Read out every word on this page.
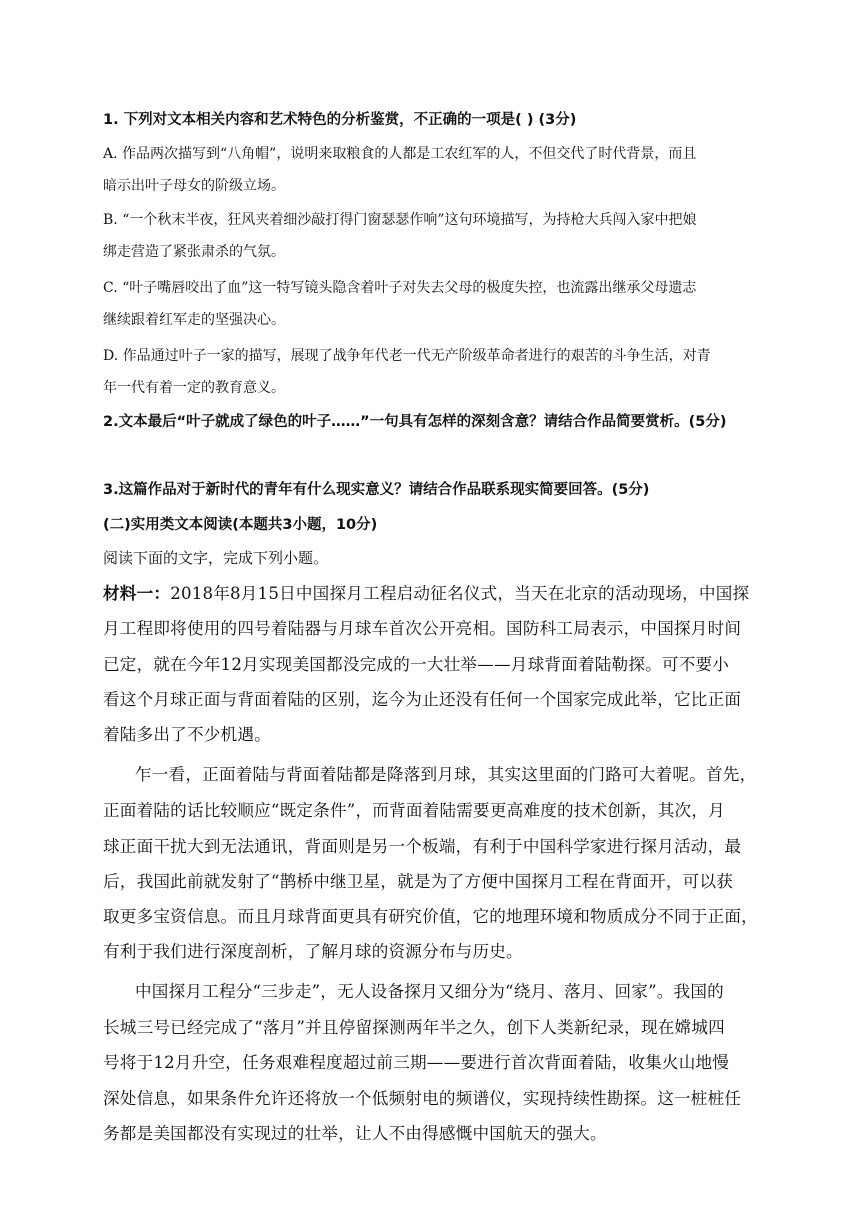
1. 下列对文本相关内容和艺术特色的分析鉴赏，不正确的一项是( ) (3分)
A. 作品两次描写到“八角帽”，说明来取粮食的人都是工农红军的人，不但交代了时代背景，而且
暗示出叶子母女的阶级立场。
B. “一个秋末半夜，狂风夹着细沙敲打得门窗瑟瑟作响”这句环境描写，为持枪大兵闯入家中把娘
绑走营造了紧张肃杀的气氛。
C. “叶子嘴唇咬出了血”这一特写镜头隐含着叶子对失去父母的极度失控，也流露出继承父母遗志
继续跟着红军走的坚强决心。
D. 作品通过叶子一家的描写，展现了战争年代老一代无产阶级革命者进行的艰苦的斗争生活，对青
年一代有着一定的教育意义。
2.文本最后“叶子就成了绿色的叶子……”一句具有怎样的深刻含意？请结合作品简要赏析。(5分)
3.这篇作品对于新时代的青年有什么现实意义？请结合作品联系现实简要回答。(5分)
(二)实用类文本阅读(本题共3小题，10分)
阅读下面的文字，完成下列小题。
材料一：2018年8月15日中国探月工程启动征名仪式，当天在北京的活动现场，中国探
月工程即将使用的四号着陆器与月球车首次公开亮相。国防科工局表示，中国探月时间
已定，就在今年12月实现美国都没完成的一大壮举——月球背面着陆勒探。可不要小
看这个月球正面与背面着陆的区别，迄今为止还没有任何一个国家完成此举，它比正面
着陆多出了不少机遇。
乍一看，正面着陆与背面着陆都是降落到月球，其实这里面的门路可大着呢。首先，
正面着陆的话比较顺应“既定条件”，而背面着陆需要更高难度的技术创新，其次，月
球正面干扰大到无法通讯，背面则是另一个板端，有利于中国科学家进行探月活动，最
后，我国此前就发射了“鹊桥中继卫星，就是为了方便中国探月工程在背面开，可以获
取更多宝资信息。而且月球背面更具有研究价值，它的地理环境和物质成分不同于正面，
有利于我们进行深度剖析，了解月球的资源分布与历史。
中国探月工程分“三步走”，无人设备探月又细分为“绕月、落月、回家”。我国的
长城三号已经完成了“落月”并且停留探测两年半之久，创下人类新纪录，现在嫦城四
号将于12月升空，任务艰难程度超过前三期——要进行首次背面着陆，收集火山地慢
深处信息，如果条件允许还将放一个低频射电的频谱仪，实现持续性勘探。这一桩桩任
务都是美国都没有实现过的壮举，让人不由得感慨中国航天的强大。
